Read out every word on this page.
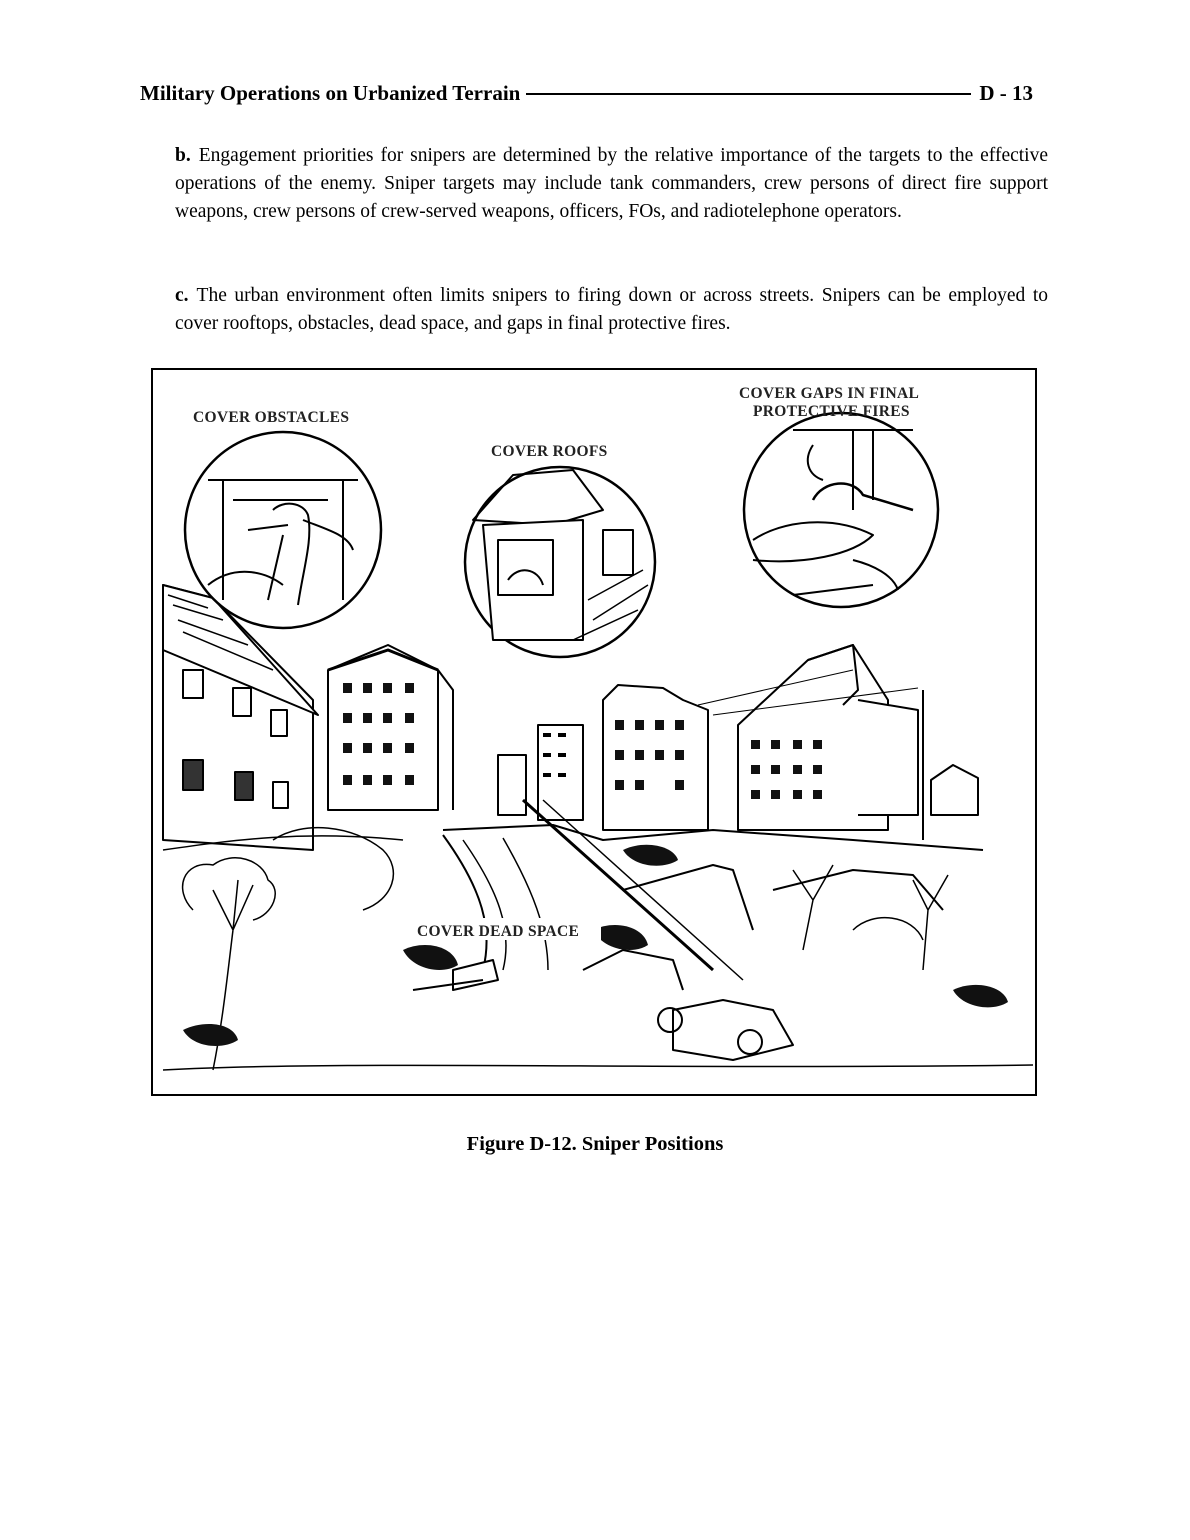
Military Operations on Urbanized Terrain	D - 13
b. Engagement priorities for snipers are determined by the relative importance of the targets to the effective operations of the enemy. Sniper targets may include tank commanders, crew persons of direct fire support weapons, crew persons of crew-served weapons, officers, FOs, and radiotelephone operators.
c. The urban environment often limits snipers to firing down or across streets. Snipers can be employed to cover rooftops, obstacles, dead space, and gaps in final protective fires.
COVER OBSTACLES
COVER ROOFS
COVER GAPS IN FINAL
PROTECTIVE FIRES
COVER DEAD SPACE
Figure D-12. Sniper Positions
